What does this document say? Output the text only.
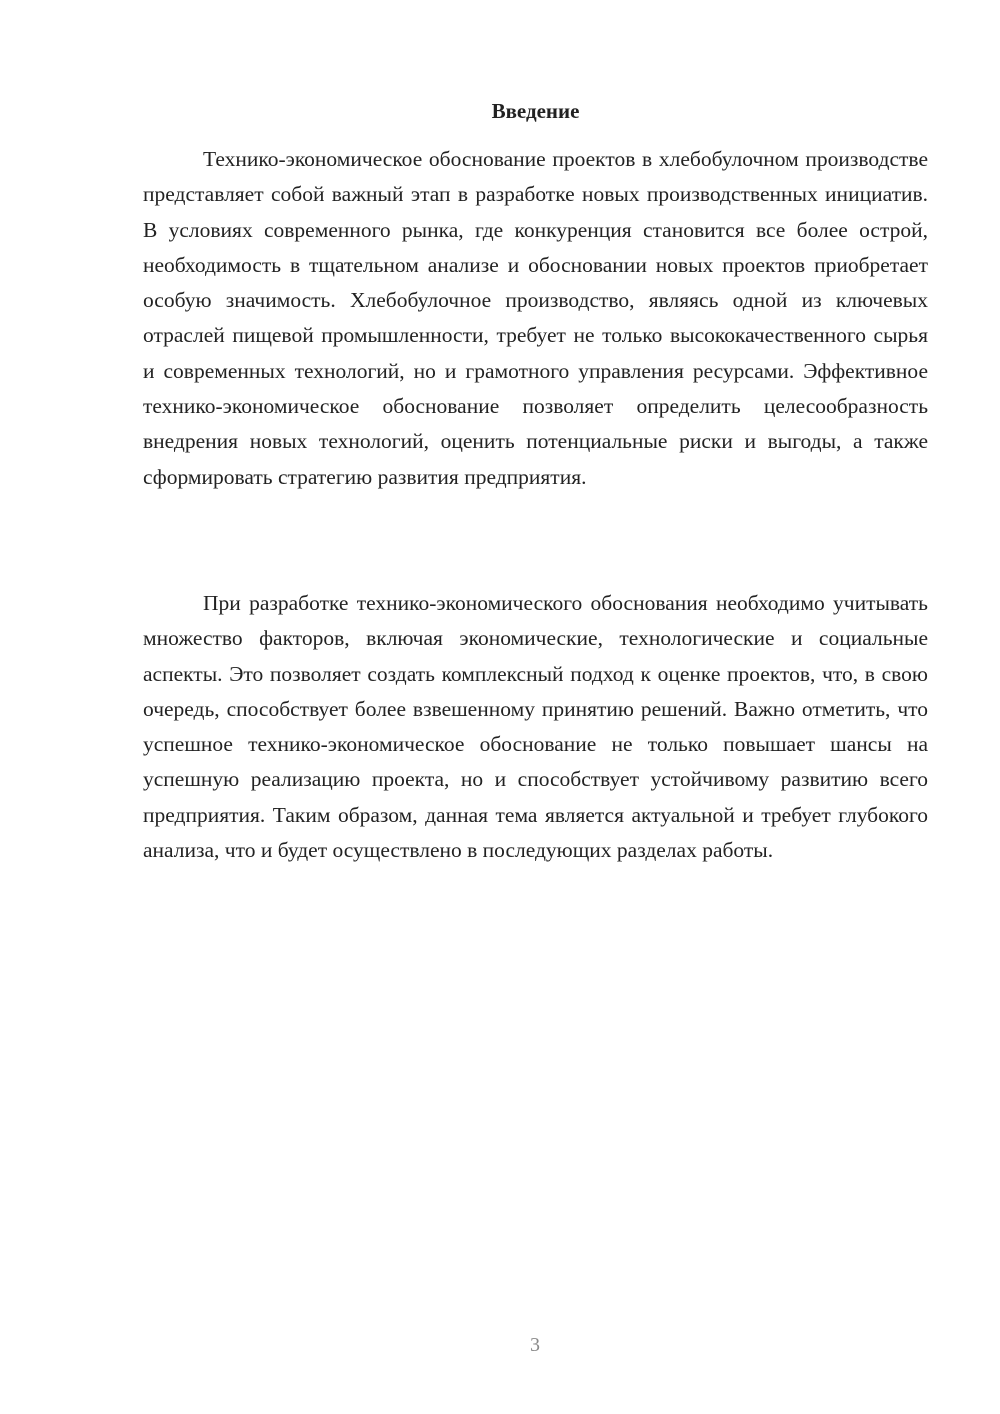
Введение

Технико-экономическое обоснование проектов в хлебобулочном производстве представляет собой важный этап в разработке новых производственных инициатив. В условиях современного рынка, где конкуренция становится все более острой, необходимость в тщательном анализе и обосновании новых проектов приобретает особую значимость. Хлебобулочное производство, являясь одной из ключевых отраслей пищевой промышленности, требует не только высококачественного сырья и современных технологий, но и грамотного управления ресурсами. Эффективное технико-экономическое обоснование позволяет определить целесообразность внедрения новых технологий, оценить потенциальные риски и выгоды, а также сформировать стратегию развития предприятия.

При разработке технико-экономического обоснования необходимо учитывать множество факторов, включая экономические, технологические и социальные аспекты. Это позволяет создать комплексный подход к оценке проектов, что, в свою очередь, способствует более взвешенному принятию решений. Важно отметить, что успешное технико-экономическое обоснование не только повышает шансы на успешную реализацию проекта, но и способствует устойчивому развитию всего предприятия. Таким образом, данная тема является актуальной и требует глубокого анализа, что и будет осуществлено в последующих разделах работы.

3
